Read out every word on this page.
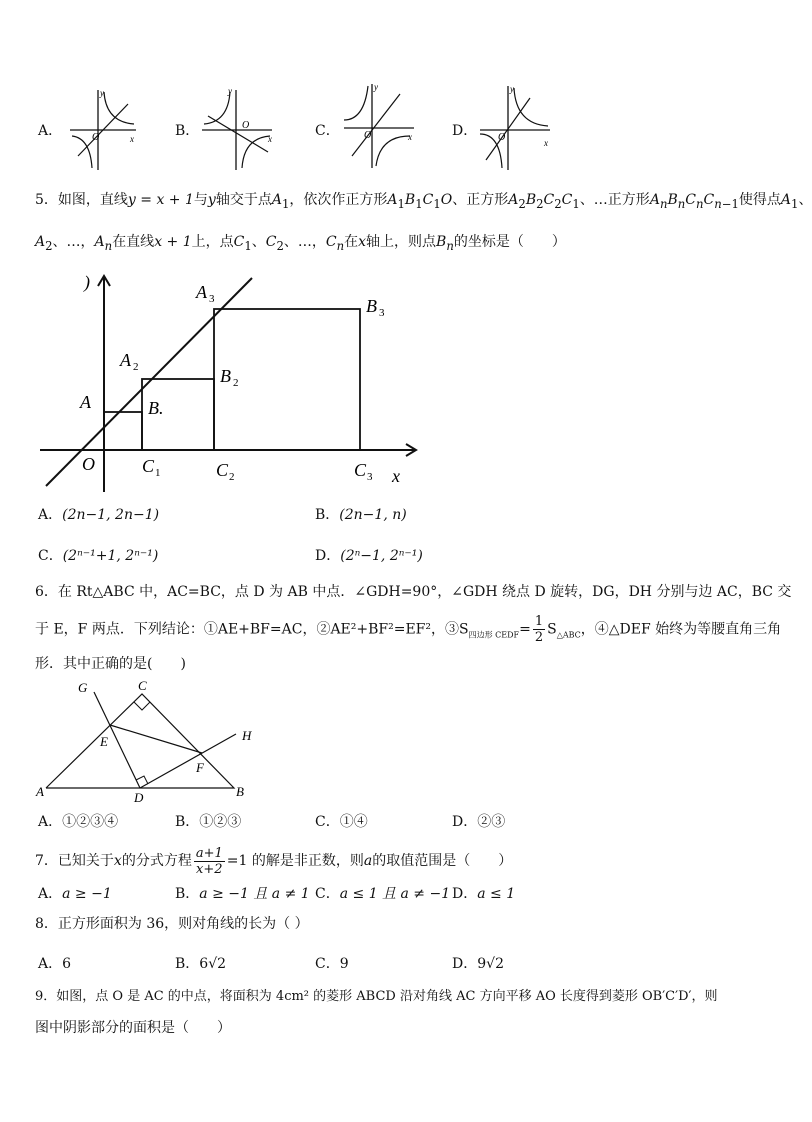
A．	O	x
y
B．	O
x
y
C． O	x
y
D． O	x
y
5．如图，直线y = x + 1与y轴交于点$A_1$，依次作正方形$A_1B_1C_1O$、正方形$A_2B_2C_2C_1$、…正方形$A_nB_nC_nC_{n-1}$使得点$A_1$、
$A_2$、…，$A_n$在直线x + 1上，点$C_1$、$C_2$、…，$C_n$在x轴上，则点$B_n$的坐标是（　　）
)
x
O
A
A 2
A 3
B.
B 2
B 3
C 1	C 2	C 3
A．(2n−1, 2n−1)	B．(2n−1, n)
C．(2ⁿ⁻¹+1, 2ⁿ⁻¹)	D．(2ⁿ−1, 2ⁿ⁻¹)
6．在 Rt△ABC 中，AC=BC，点 D 为 AB 中点．∠GDH=90°，∠GDH 绕点 D 旋转，DG，DH 分别与边 AC，BC 交
于 E，F 两点．下列结论：①AE+BF=AC，②AE²+BF²=EF²，$③S_{四边形 CEDF}= \frac{1}{2} S_{\triangle ABC}$，④△DEF 始终为等腰直角三角
形．其中正确的是(　　)
G	C
H
E
F
A	D	B
A．①②③④	B．①②③	C．①④	D．②③
7．已知关于x的分式方程 $\frac{a+1}{x+2} =1$ 的解是非正数，则a的取值范围是（　　）
A．a ≥ −1	B．a ≥ −1 且 a ≠ 1 C．a ≤ 1 且 a ≠ −1 D．a ≤ 1
8．正方形面积为 36，则对角线的长为（ ）
A．6	B．6√2	C．9	D．9√2
9．如图，点 O 是 AC 的中点，将面积为 4cm² 的菱形 ABCD 沿对角线 AC 方向平移 AO 长度得到菱形 OB′C′D′，则
图中阴影部分的面积是（　　）
